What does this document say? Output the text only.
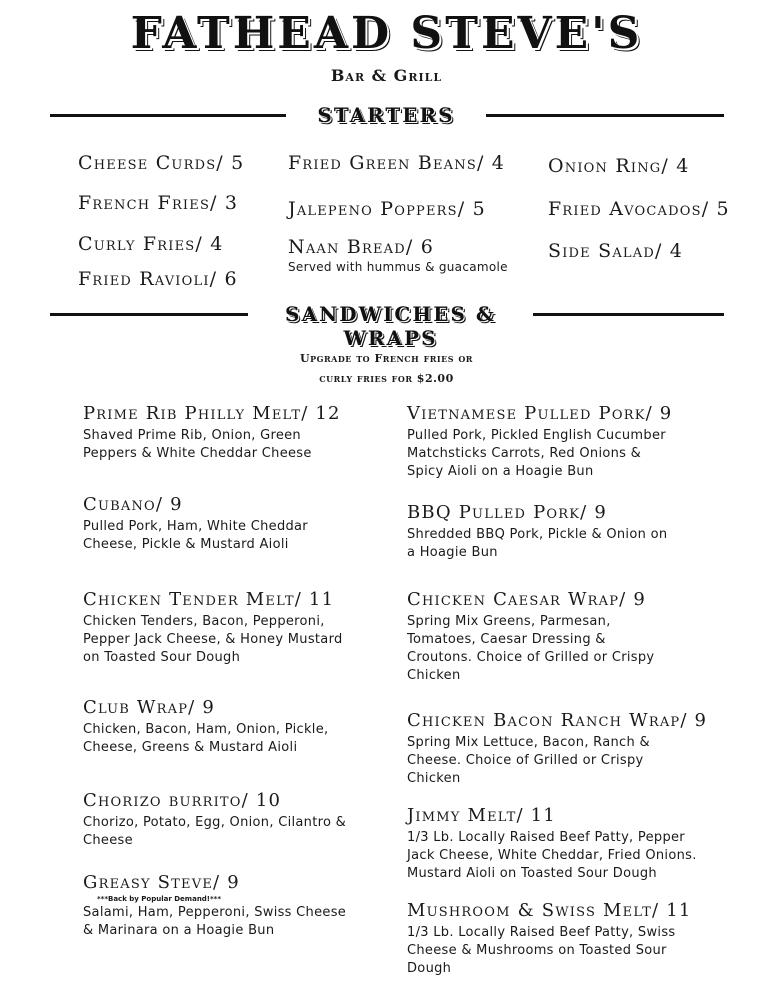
FATHEAD STEVE'S
Bar & Grill
STARTERS
Cheese Curds/ 5
French Fries/ 3
Curly Fries/ 4
Fried Ravioli/ 6
Fried Green Beans/ 4
Jalepeno Poppers/ 5
Naan Bread/ 6
Served with hummus & guacamole
Onion Ring/ 4
Fried Avocados/ 5
Side Salad/ 4
SANDWICHES &
WRAPS
Upgrade to French fries or
curly fries for $2.00
Prime Rib Philly Melt/ 12
Shaved Prime Rib, Onion, Green Peppers & White Cheddar Cheese
Cubano/ 9
Pulled Pork, Ham, White Cheddar Cheese, Pickle & Mustard Aioli
Chicken Tender Melt/ 11
Chicken Tenders, Bacon, Pepperoni, Pepper Jack Cheese, & Honey Mustard on Toasted Sour Dough
Club Wrap/ 9
Chicken, Bacon, Ham, Onion, Pickle, Cheese, Greens & Mustard Aioli
Chorizo burrito/ 10
Chorizo, Potato, Egg, Onion, Cilantro & Cheese
Greasy Steve/ 9
***Back by Popular Demand!***
Salami, Ham, Pepperoni, Swiss Cheese & Marinara on a Hoagie Bun
Vietnamese Pulled Pork/ 9
Pulled Pork, Pickled English Cucumber Matchsticks Carrots, Red Onions & Spicy Aioli on a Hoagie Bun
BBQ Pulled Pork/ 9
Shredded BBQ Pork, Pickle & Onion on a Hoagie Bun
Chicken Caesar Wrap/ 9
Spring Mix Greens, Parmesan, Tomatoes, Caesar Dressing & Croutons. Choice of Grilled or Crispy Chicken
Chicken Bacon Ranch Wrap/ 9
Spring Mix Lettuce, Bacon, Ranch & Cheese. Choice of Grilled or Crispy Chicken
Jimmy Melt/ 11
1/3 Lb. Locally Raised Beef Patty, Pepper Jack Cheese, White Cheddar, Fried Onions. Mustard Aioli on Toasted Sour Dough
Mushroom & Swiss Melt/ 11
1/3 Lb. Locally Raised Beef Patty, Swiss Cheese & Mushrooms on Toasted Sour Dough
